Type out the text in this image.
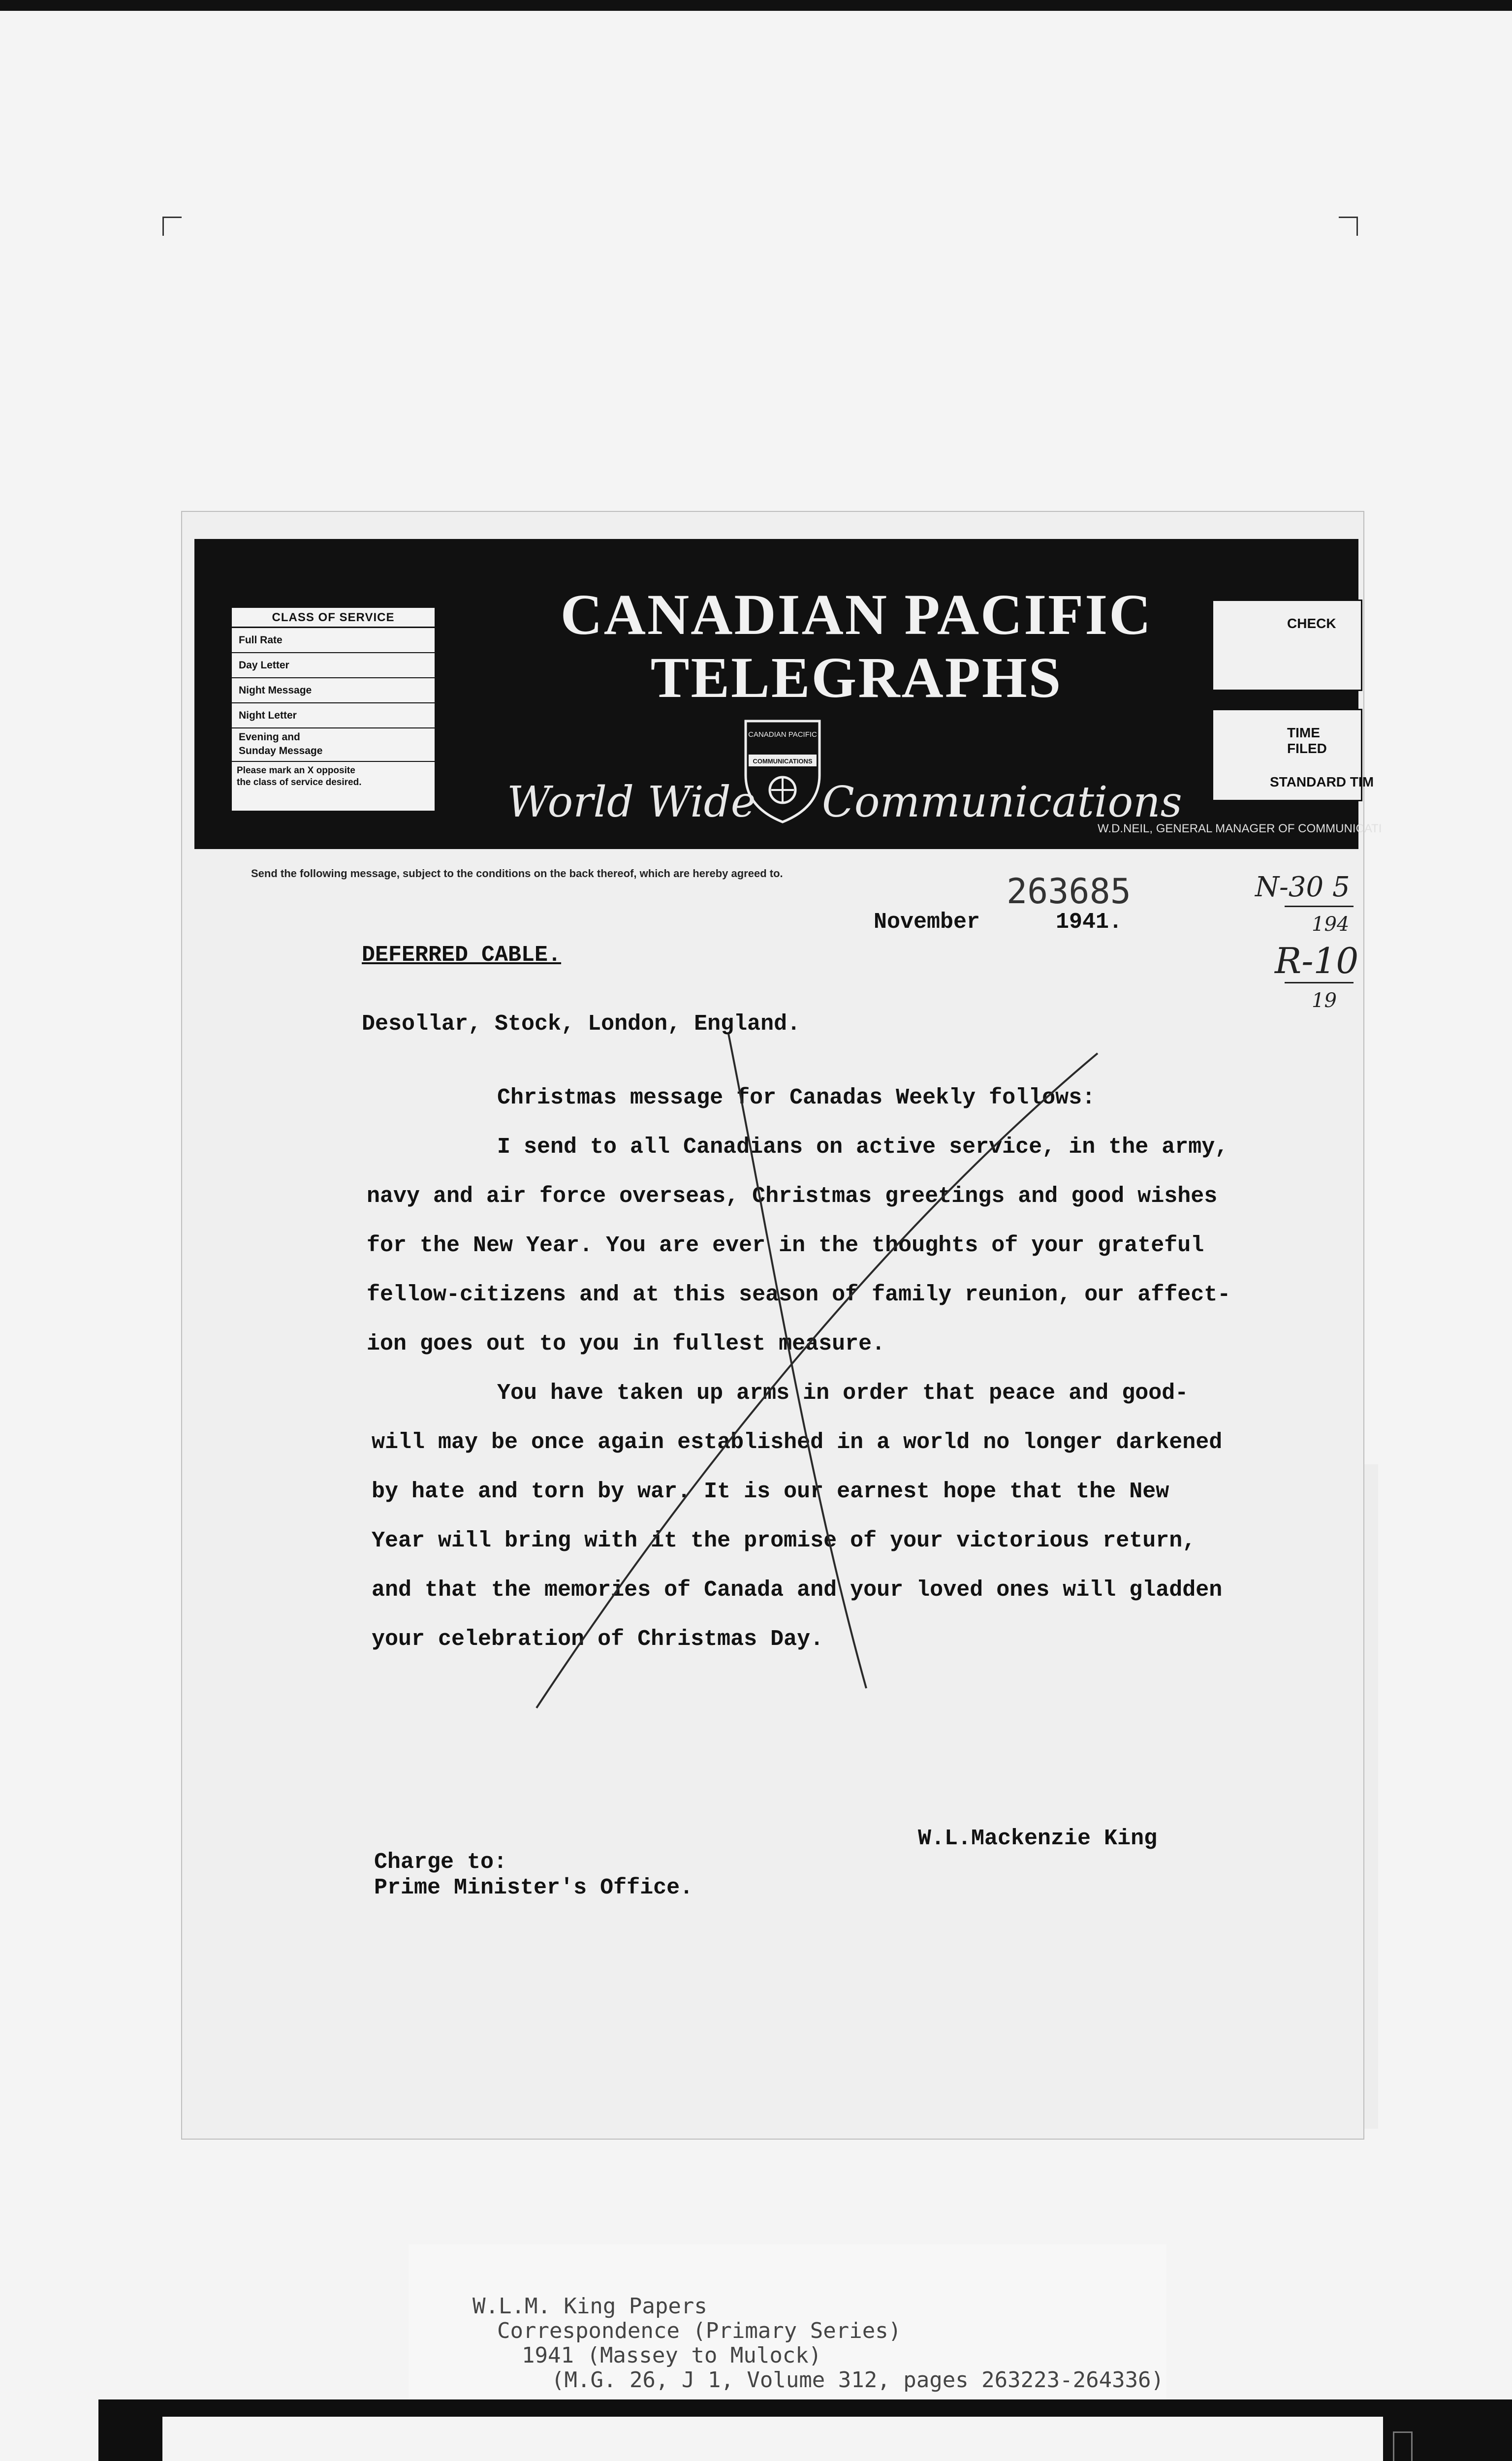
CLASS OF SERVICE
Full Rate
Day Letter
Night Message
Night Letter
Evening and
Sunday Message
Please mark an X opposite
the class of service desired.
CANADIAN PACIFIC
TELEGRAPHS
CANADIAN PACIFIC
COMMUNICATIONS
World Wide Communications
W.D.NEIL, GENERAL MANAGER OF COMMUNICATI
CHECK
TIME FILED
STANDARD TIM
Send the following message, subject to the conditions on the back thereof, which are hereby agreed to.	263685
November	1941.
N-30 5
194
R-10
19
DEFERRED CABLE.
Desollar, Stock, London, England.
Christmas message for Canadas Weekly follows:
I send to all Canadians on active service, in the army,
navy and air force overseas, Christmas greetings and good wishes
for the New Year. You are ever in the thoughts of your grateful
fellow-citizens and at this season of family reunion, our affect-
ion goes out to you in fullest measure.
You have taken up arms in order that peace and good-
will may be once again established in a world no longer darkened
by hate and torn by war. It is our earnest hope that the New
Year will bring with it the promise of your victorious return,
and that the memories of Canada and your loved ones will gladden
your celebration of Christmas Day.
W.L.Mackenzie King
Charge to:
Prime Minister's Office.
W.L.M. King Papers
Correspondence (Primary Series)
1941 (Massey to Mulock)
(M.G. 26, J 1, Volume 312, pages 263223-264336)
